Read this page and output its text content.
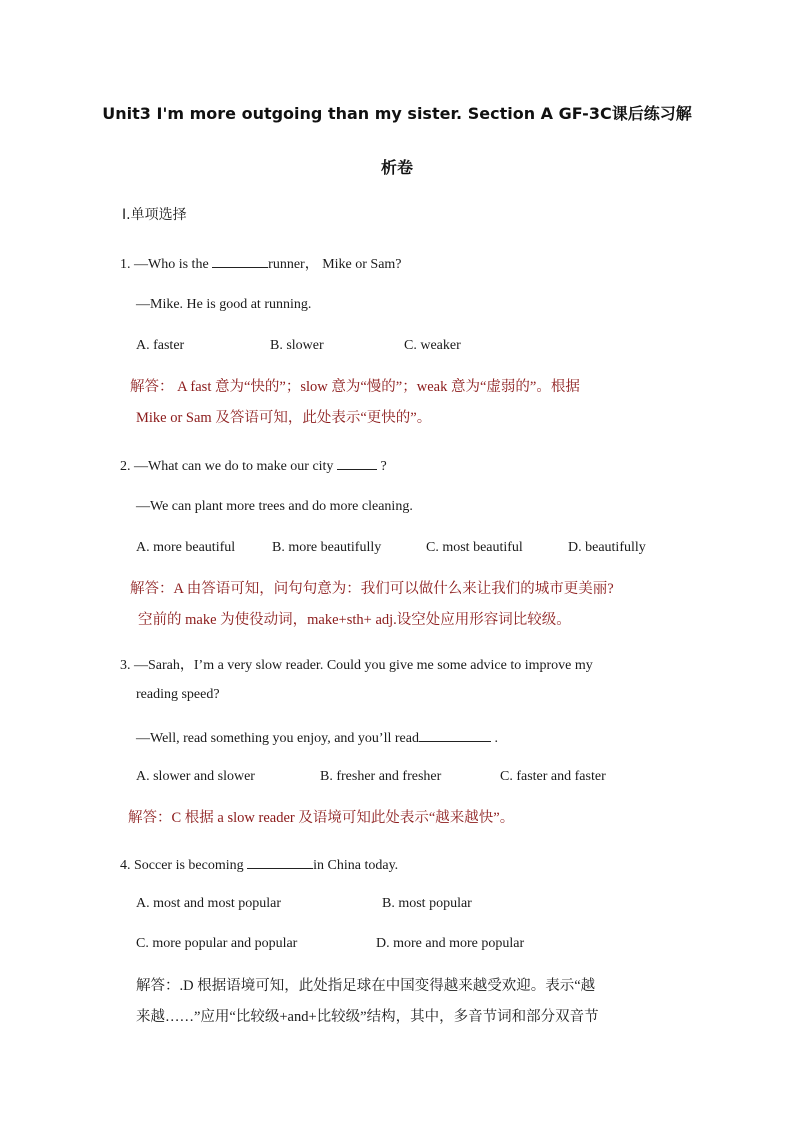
Unit3 I'm more outgoing than my sister. Section A GF-3C课后练习解
析卷
Ⅰ.单项选择
1. —Who is the	runner， Mike or Sam?
—Mike. He is good at running.
A. faster	B. slower	C. weaker
解答： A fast 意为“快的”；slow 意为“慢的”；weak 意为“虚弱的”。根据
Mike or Sam 及答语可知，此处表示“更快的”。
2. —What can we do to make our city	?
—We can plant more trees and do more cleaning.
A. more beautiful	B. more beautifully	C. most beautiful	D. beautifully
解答：A 由答语可知，问句句意为：我们可以做什么来让我们的城市更美丽?
空前的 make 为使役动词，make+sth+ adj.设空处应用形容词比较级。
3. —Sarah，I’m a very slow reader. Could you give me some advice to improve my
reading speed?
—Well, read something you enjoy, and you’ll read	.
A. slower and slower	B. fresher and fresher	C. faster and faster
解答：C 根据 a slow reader 及语境可知此处表示“越来越快”。
4. Soccer is becoming	in China today.
A. most and most popular	B. most popular
C. more popular and popular	D. more and more popular
解答：.D 根据语境可知，此处指足球在中国变得越来越受欢迎。表示“越
来越……”应用“比较级+and+比较级”结构，其中，多音节词和部分双音节
